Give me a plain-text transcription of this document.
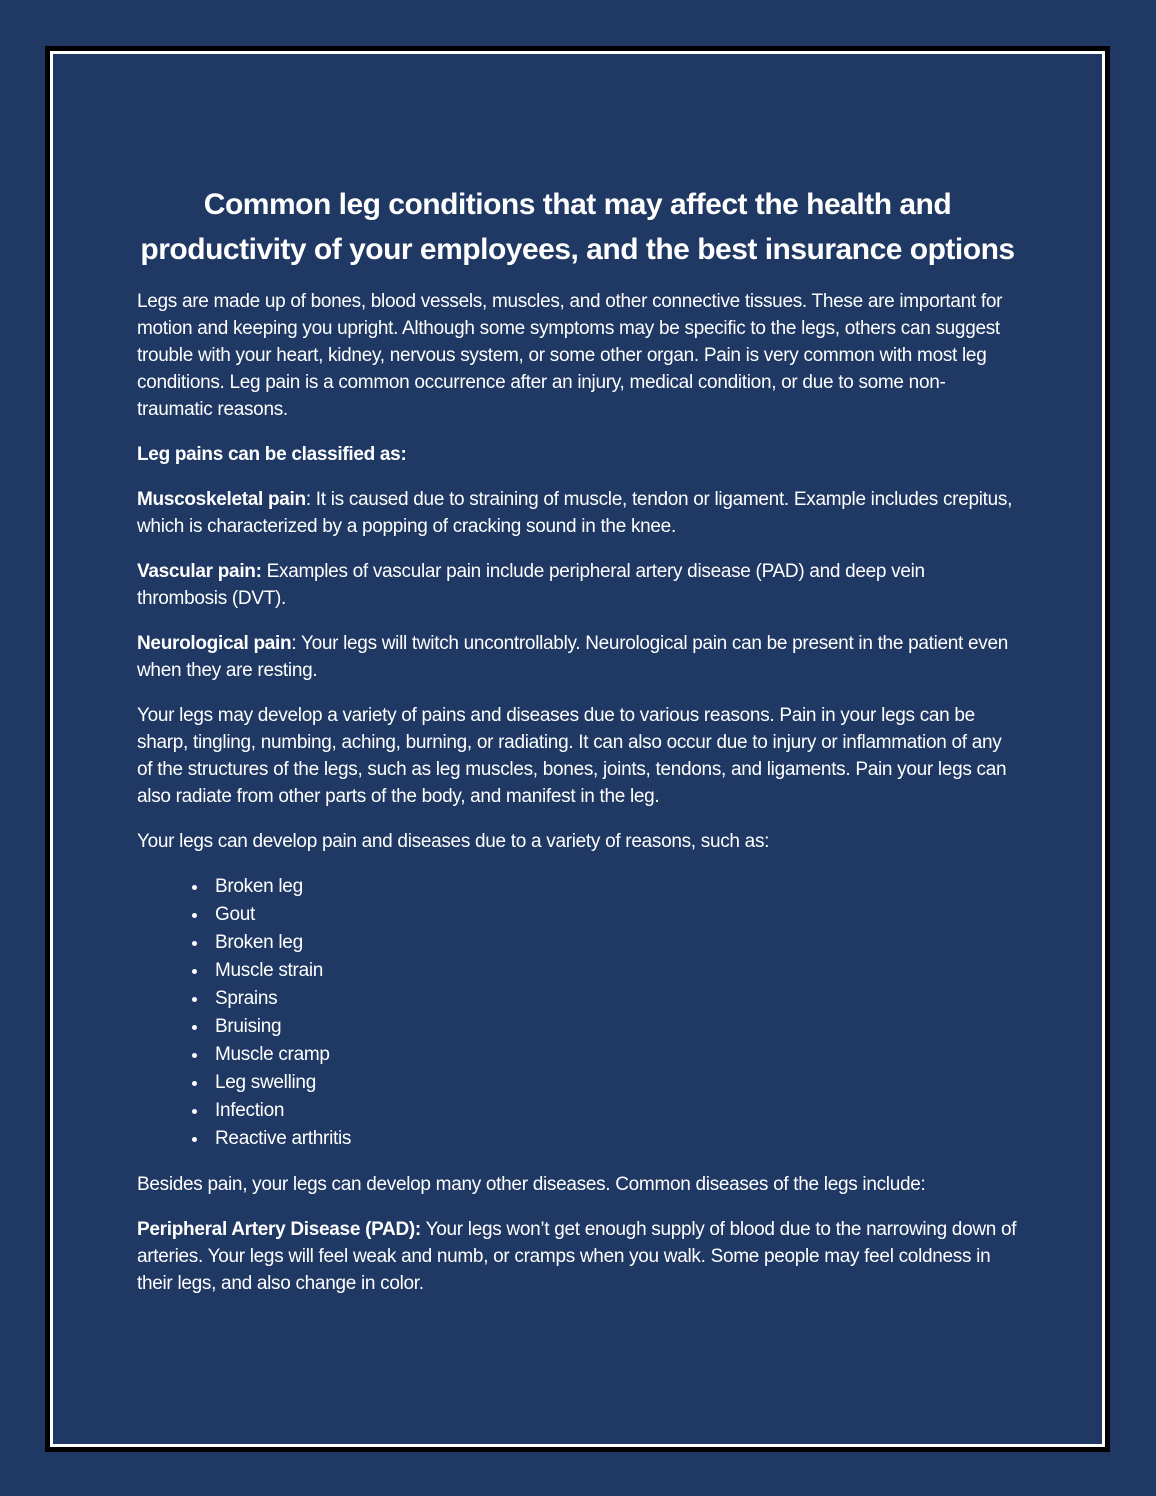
Common leg conditions that may affect the health and productivity of your employees, and the best insurance options

Legs are made up of bones, blood vessels, muscles, and other connective tissues. These are important for motion and keeping you upright. Although some symptoms may be specific to the legs, others can suggest trouble with your heart, kidney, nervous system, or some other organ. Pain is very common with most leg conditions. Leg pain is a common occurrence after an injury, medical condition, or due to some non-traumatic reasons.

Leg pains can be classified as:

Muscoskeletal pain: It is caused due to straining of muscle, tendon or ligament. Example includes crepitus, which is characterized by a popping of cracking sound in the knee.

Vascular pain: Examples of vascular pain include peripheral artery disease (PAD) and deep vein thrombosis (DVT).

Neurological pain: Your legs will twitch uncontrollably. Neurological pain can be present in the patient even when they are resting.

Your legs may develop a variety of pains and diseases due to various reasons. Pain in your legs can be sharp, tingling, numbing, aching, burning, or radiating. It can also occur due to injury or inflammation of any of the structures of the legs, such as leg muscles, bones, joints, tendons, and ligaments. Pain your legs can also radiate from other parts of the body, and manifest in the leg.

Your legs can develop pain and diseases due to a variety of reasons, such as:

• Broken leg
• Gout
• Broken leg
• Muscle strain
• Sprains
• Bruising
• Muscle cramp
• Leg swelling
• Infection
• Reactive arthritis

Besides pain, your legs can develop many other diseases. Common diseases of the legs include:

Peripheral Artery Disease (PAD): Your legs won’t get enough supply of blood due to the narrowing down of arteries. Your legs will feel weak and numb, or cramps when you walk. Some people may feel coldness in their legs, and also change in color.
